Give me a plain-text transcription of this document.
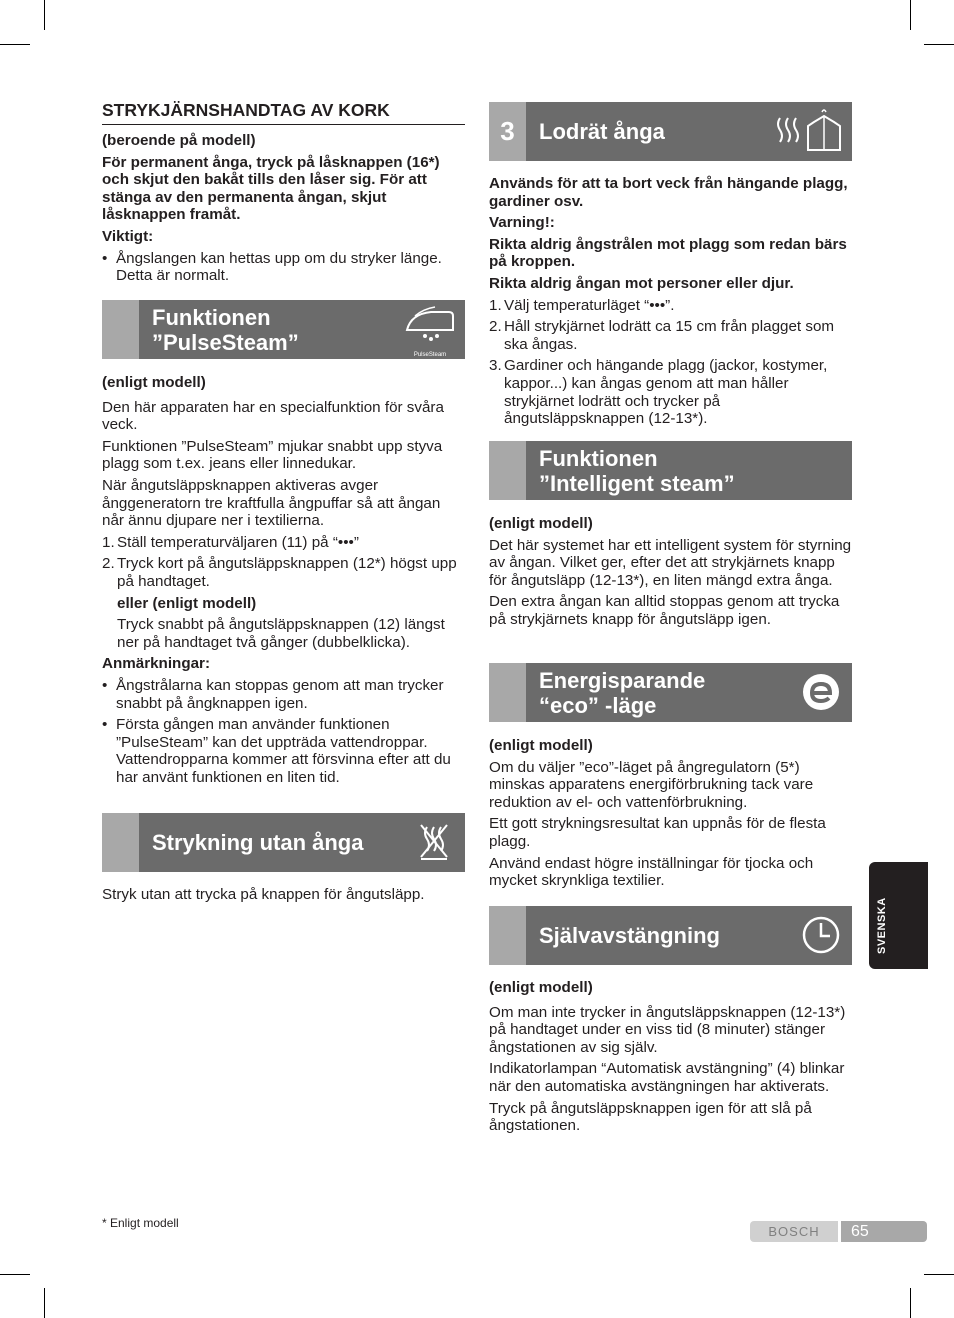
STRYKJÄRNSHANDTAG AV KORK

(beroende på modell)

För permanent ånga, tryck på låsknappen (16*) och skjut den bakåt tills den låser sig. För att stänga av den permanenta ångan, skjut låsknappen framåt.

Viktigt:

• Ångslangen kan hettas upp om du stryker länge. Detta är normalt.

Funktionen
”PulseSteam”	PulseSteam

(enligt modell)

Den här apparaten har en specialfunktion för svåra veck.

Funktionen ”PulseSteam” mjukar snabbt upp styva plagg som t.ex. jeans eller linnedukar.

När ångutsläppsknappen aktiveras avger ånggeneratorn tre kraftfulla ångpuffar så att ångan når ännu djupare ner i textilierna.

1. Ställ temperaturväljaren (11) på “•••”

2. Tryck kort på ångutsläppsknappen (12*) högst upp på handtaget.

eller (enligt modell)

Tryck snabbt på ångutsläppsknappen (12) längst ner på handtaget två gånger (dubbelklicka).

Anmärkningar:

• Ångstrålarna kan stoppas genom att man trycker snabbt på ångknappen igen.

• Första gången man använder funktionen ”PulseSteam” kan det uppträda vattendroppar. Vattendropparna kommer att försvinna efter att du har använt funktionen en liten tid.

Strykning utan ånga

Stryk utan att trycka på knappen för ångutsläpp.

* Enligt modell
3	Lodrät ånga

Används för att ta bort veck från hängande plagg, gardiner osv.

Varning!:

Rikta aldrig ångstrålen mot plagg som redan bärs på kroppen.

Rikta aldrig ångan mot personer eller djur.

1. Välj temperaturläget “•••”.

2. Håll strykjärnet lodrätt ca 15 cm från plagget som ska ångas.

3. Gardiner och hängande plagg (jackor, kostymer, kappor...) kan ångas genom att man håller strykjärnet lodrätt och trycker på ångutsläppsknappen (12-13*).

Funktionen
”Intelligent steam”

(enligt modell)

Det här systemet har ett intelligent system för styrning av ångan. Vilket ger, efter det att strykjärnets knapp för ångutsläpp (12-13*), en liten mängd extra ånga.

Den extra ångan kan alltid stoppas genom att trycka på strykjärnets knapp för ångutsläpp igen.

Energisparande
“eco” -läge

(enligt modell)

Om du väljer ”eco”-läget på ångregulatorn (5*) minskas apparatens energiförbrukning tack vare reduktion av el- och vattenförbrukning.

Ett gott strykningsresultat kan uppnås för de flesta plagg.

Använd endast högre inställningar för tjocka och mycket skrynkliga textilier.

Självavstängning

(enligt modell)

Om man inte trycker in ångutsläppsknappen (12-13*) på handtaget under en viss tid (8 minuter) stänger ångstationen av sig själv.

Indikatorlampan “Automatisk avstängning” (4) blinkar när den automatiska avstängningen har aktiverats.

Tryck på ångutsläppsknappen igen för att slå på ångstationen.

SVENSKA
BOSCH	65
